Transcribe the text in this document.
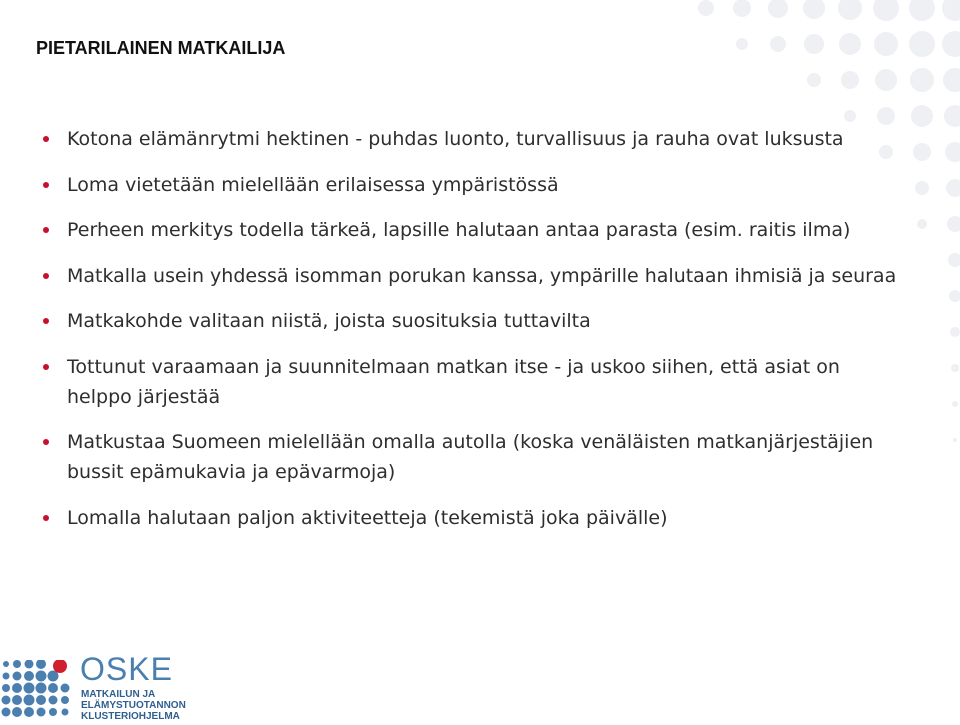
PIETARILAINEN MATKAILIJA
Kotona elämänrytmi hektinen - puhdas luonto, turvallisuus ja rauha ovat luksusta
Loma vietetään mielellään erilaisessa ympäristössä
Perheen merkitys todella tärkeä, lapsille halutaan antaa parasta (esim. raitis ilma)
Matkalla usein yhdessä isomman porukan kanssa, ympärille halutaan ihmisiä ja seuraa
Matkakohde valitaan niistä, joista suosituksia tuttavilta
Tottunut varaamaan ja suunnitelmaan matkan itse - ja uskoo siihen, että asiat on helppo järjestää
Matkustaa Suomeen mielellään omalla autolla (koska venäläisten matkanjärjestäjien bussit epämukavia ja epävarmoja)
Lomalla halutaan paljon aktiviteetteja (tekemistä joka päivälle)
OSKE
MATKAILUN JA
ELÄMYSTUOTANNON
KLUSTERIOHJELMA
